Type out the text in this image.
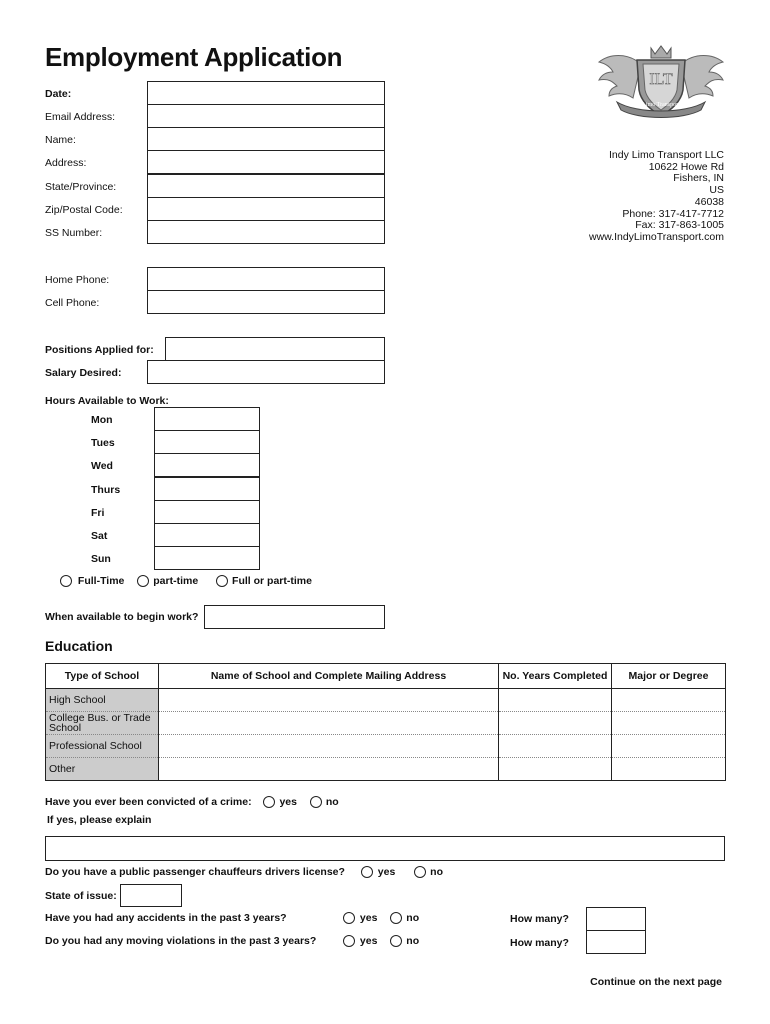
Employment Application
ILT
Limo Transport
Indy Limo Transport LLC
10622 Howe Rd
Fishers, IN
US
46038
Phone: 317-417-7712
Fax: 317-863-1005
www.IndyLimoTransport.com
Date:
Email Address:
Name:
Address:
State/Province:
Zip/Postal Code:
SS Number:
Home Phone:
Cell Phone:
Positions Applied for:
Salary Desired:
Hours Available to Work:
Mon
Tues
Wed
Thurs
Fri
Sat
Sun
Full-Time	part-time	Full or part-time
When available to begin work?
Education
Type of School	Name of School and Complete Mailing Address	No. Years Completed	Major or Degree
High School			
College Bus. or Trade School			
Professional School			
Other			
Have you ever been convicted of a crime:	yes	no
If yes, please explain
Do you have a public passenger chauffeurs drivers license?	yes	no
State of issue:
Have you had any accidents in the past 3 years?	yes	no	How many?
Do you had any moving violations in the past 3 years?	yes	no	How many?
Continue on the next page
